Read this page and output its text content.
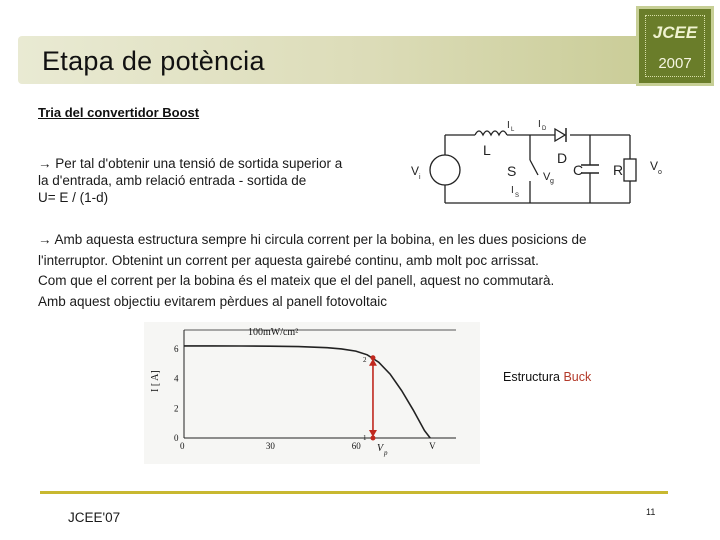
Etapa de potència
JCEE
2007
Tria del convertidor Boost
→ Per tal d'obtenir una tensió de sortida superior a
la d'entrada, amb relació entrada - sortida de
U= E / (1-d)
V i
I L
L
I D
S V g
I S
D
C R V o
→ Amb aquesta estructura sempre hi circula corrent per la bobina, en les dues posicions de
l'interruptor. Obtenint un corrent per aquesta gairebé continu, amb molt poc arrissat.
Com que el corrent per la bobina és el mateix que el del panell, aquest no commutarà.
Amb aquest objectiu evitarem pèrdues al panell fotovoltaic
0	30	60	V
0
2
4
6
I [ A]
100mW/cm²
2
1
V p
Estructura Buck
JCEE'07	11
